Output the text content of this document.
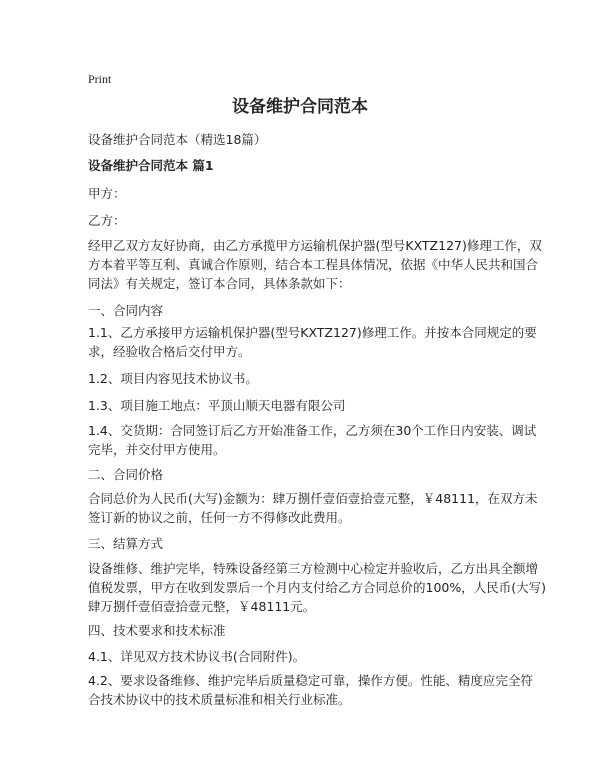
Print
设备维护合同范本
设备维护合同范本（精选18篇）
设备维护合同范本 篇1
甲方：
乙方：
经甲乙双方友好协商，由乙方承揽甲方运输机保护器(型号KXTZ127)修理工作，双
方本着平等互利、真诚合作原则，结合本工程具体情况，依据《中华人民共和国合
同法》有关规定，签订本合同，具体条款如下：
一、合同内容
1.1、乙方承接甲方运输机保护器(型号KXTZ127)修理工作。并按本合同规定的要
求，经验收合格后交付甲方。
1.2、项目内容见技术协议书。
1.3、项目施工地点：平顶山顺天电器有限公司
1.4、交货期：合同签订后乙方开始准备工作，乙方须在30个工作日内安装、调试
完毕，并交付甲方使用。
二、合同价格
合同总价为人民币(大写)金额为：肆万捌仟壹佰壹拾壹元整，￥48111，在双方未
签订新的协议之前，任何一方不得修改此费用。
三、结算方式
设备维修、维护完毕，特殊设备经第三方检测中心检定并验收后，乙方出具全额增
值税发票，甲方在收到发票后一个月内支付给乙方合同总价的100%，人民币(大写)
肆万捌仟壹佰壹拾壹元整，￥48111元。
四、技术要求和技术标准
4.1、详见双方技术协议书(合同附件)。
4.2、要求设备维修、维护完毕后质量稳定可靠，操作方便。性能、精度应完全符
合技术协议中的技术质量标准和相关行业标准。
